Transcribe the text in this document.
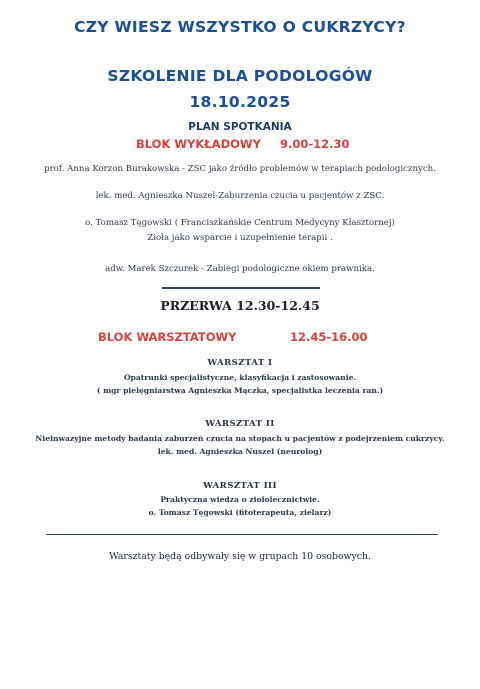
CZY WIESZ WSZYSTKO O CUKRZYCY?
SZKOLENIE DLA PODOLOGÓW
18.10.2025
PLAN SPOTKANIA
BLOK WYKŁADOWY 9.00-12.30
prof. Anna Korzon Burakowska - ZSC jako źródło problemów w terapiach podologicznych.
lek. med. Agnieszka Nuszel-Zaburzenia czucia u pacjentów z ZSC.
o. Tomasz Tęgowski ( Franciszkańskie Centrum Medycyny Klasztornej)
Zioła jako wsparcie i uzupełnienie terapii .
adw. Marek Szczurek - Zabiegi podologiczne okiem prawnika.
PRZERWA 12.30-12.45
BLOK WARSZTATOWY	12.45-16.00
WARSZTAT I
Opatrunki specjalistyczne, klasyfikacja i zastosowanie.
( mgr pielęgniarstwa Agnieszka Mączka, specjalistka leczenia ran.)
WARSZTAT II
Nieinwazyjne metody badania zaburzeń czucia na stopach u pacjentów z podejrzeniem cukrzycy.
lek. med. Agnieszka Nuszel (neurolog)
WARSZTAT III
Praktyczna wiedza o ziołolecznictwie.
o. Tomasz Tęgowski (fitoterapeuta, zielarz)
Warsztaty będą odbywały się w grupach 10 osobowych.
